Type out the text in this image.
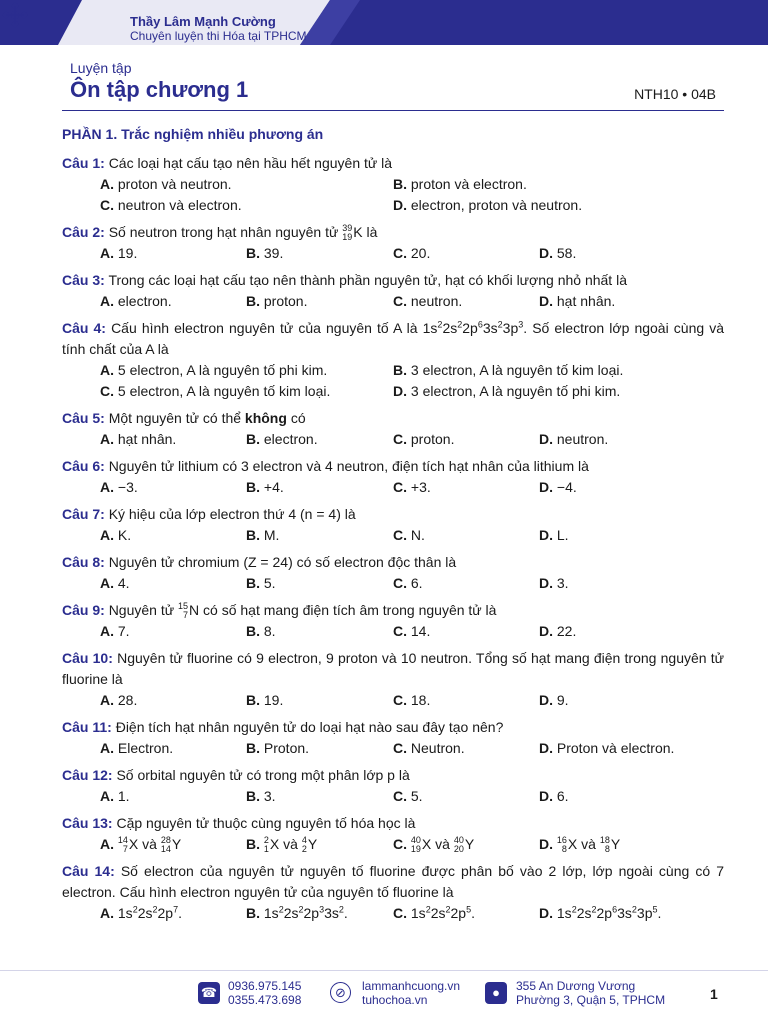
Thầy Lâm Mạnh Cường
Chuyên luyện thi Hóa tại TPHCM
Luyện tập
Ôn tập chương 1	NTH10 • 04B
PHẦN 1. Trắc nghiệm nhiều phương án
Câu 1: Các loại hạt cấu tạo nên hầu hết nguyên tử là
A. proton và neutron.	B. proton và electron.
C. neutron và electron.	D. electron, proton và neutron.
Câu 2: Số neutron trong hạt nhân nguyên tử 39
19 K là
A. 19.	B. 39.	C. 20.	D. 58.
Câu 3: Trong các loại hạt cấu tạo nên thành phần nguyên tử, hạt có khối lượng nhỏ nhất là
A. electron.	B. proton.	C. neutron.	D. hạt nhân.
Câu 4: Cấu hình electron nguyên tử của nguyên tố A là $1s^22s^22p^63s^23p^3$. Số electron lớp ngoài cùng và tính chất của A là
A. 5 electron, A là nguyên tố phi kim.	B. 3 electron, A là nguyên tố kim loại.
C. 5 electron, A là nguyên tố kim loại.	D. 3 electron, A là nguyên tố phi kim.
Câu 5: Một nguyên tử có thể không có
A. hạt nhân.	B. electron.	C. proton.	D. neutron.
Câu 6: Nguyên tử lithium có 3 electron và 4 neutron, điện tích hạt nhân của lithium là
A. −3.	B. +4.	C. +3.	D. −4.
Câu 7: Ký hiệu của lớp electron thứ 4 (n = 4) là
A. K.	B. M.	C. N.	D. L.
Câu 8: Nguyên tử chromium (Z = 24) có số electron độc thân là
A. 4.	B. 5.	C. 6.	D. 3.
Câu 9: Nguyên tử 15
7 N có số hạt mang điện tích âm trong nguyên tử là
A. 7.	B. 8.	C. 14.	D. 22.
Câu 10: Nguyên tử fluorine có 9 electron, 9 proton và 10 neutron. Tổng số hạt mang điện trong nguyên tử fluorine là
A. 28.	B. 19.	C. 18.	D. 9.
Câu 11: Điện tích hạt nhân nguyên tử do loại hạt nào sau đây tạo nên?
A. Electron.	B. Proton.	C. Neutron.	D. Proton và electron.
Câu 12: Số orbital nguyên tử có trong một phân lớp p là
A. 1.	B. 3.	C. 5.	D. 6.
Câu 13: Cặp nguyên tử thuộc cùng nguyên tố hóa học là
A. 14
7 X và 28
14 Y	B. 2
1 X và 4
2 Y	C. 40
19 X và 40
20 Y	D. 16
8 X và 18
8 Y
Câu 14: Số electron của nguyên tử nguyên tố fluorine được phân bố vào 2 lớp, lớp ngoài cùng có 7 electron. Cấu hình electron nguyên tử của nguyên tố fluorine là
A. $1s^22s^22p^7$.	B. $1s^22s^22p^33s^2$.	C. $1s^22s^22p^5$.	D. $1s^22s^22p^63s^23p^5$.
☎ 0936.975.145
0355.473.698	⊘	lammanhcuong.vn
tuhochoa.vn	●	355 An Dương Vương
Phường 3, Quận 5, TPHCM	1
